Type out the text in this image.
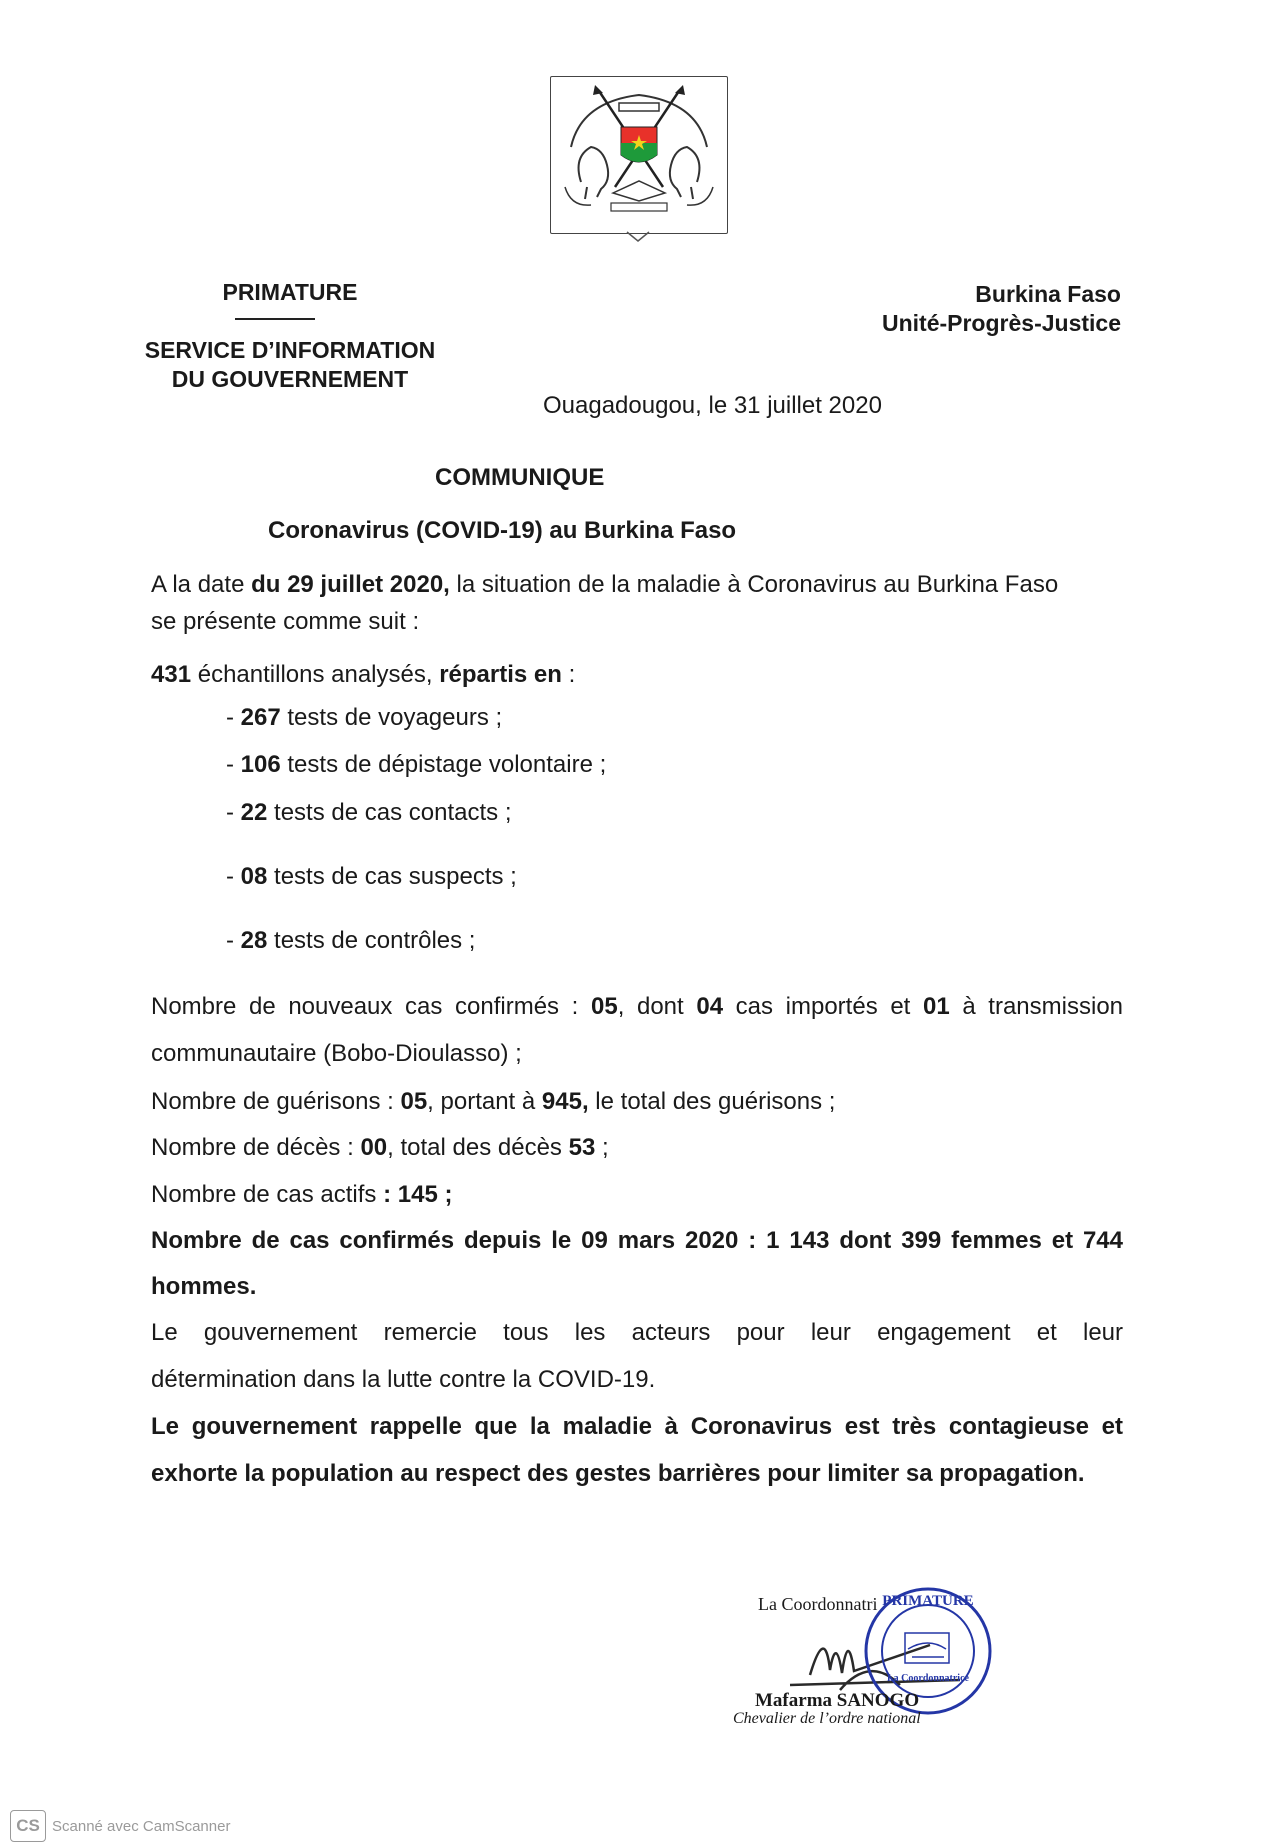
PRIMATURE
SERVICE D’INFORMATION
DU GOUVERNEMENT
Burkina Faso
Unité-Progrès-Justice
Ouagadougou, le 31 juillet 2020
COMMUNIQUE
Coronavirus (COVID-19) au Burkina Faso
A la date du 29 juillet 2020, la situation de la maladie à Coronavirus au Burkina Faso
se présente comme suit :
431 échantillons analysés, répartis en :
- 267 tests de voyageurs ;
- 106 tests de dépistage volontaire ;
- 22 tests de cas contacts ;
- 08 tests de cas suspects ;
- 28 tests de contrôles ;
Nombre de nouveaux cas confirmés : 05, dont 04 cas importés et 01 à transmission
communautaire (Bobo-Dioulasso) ;
Nombre de guérisons : 05, portant à 945, le total des guérisons ;
Nombre de décès : 00, total des décès 53 ;
Nombre de cas actifs : 145 ;
Nombre de cas confirmés depuis le 09 mars 2020 : 1 143 dont 399 femmes et 744
hommes.
Le gouvernement remercie tous les acteurs pour leur engagement et leur
détermination dans la lutte contre la COVID-19.
Le gouvernement rappelle que la maladie à Coronavirus est très contagieuse et
exhorte la population au respect des gestes barrières pour limiter sa propagation.
La Coordonnatri PRIMATURE
La Coordonnatrice
Mafarma SANOGO
Chevalier de l’ordre national
CS Scanné avec CamScanner
